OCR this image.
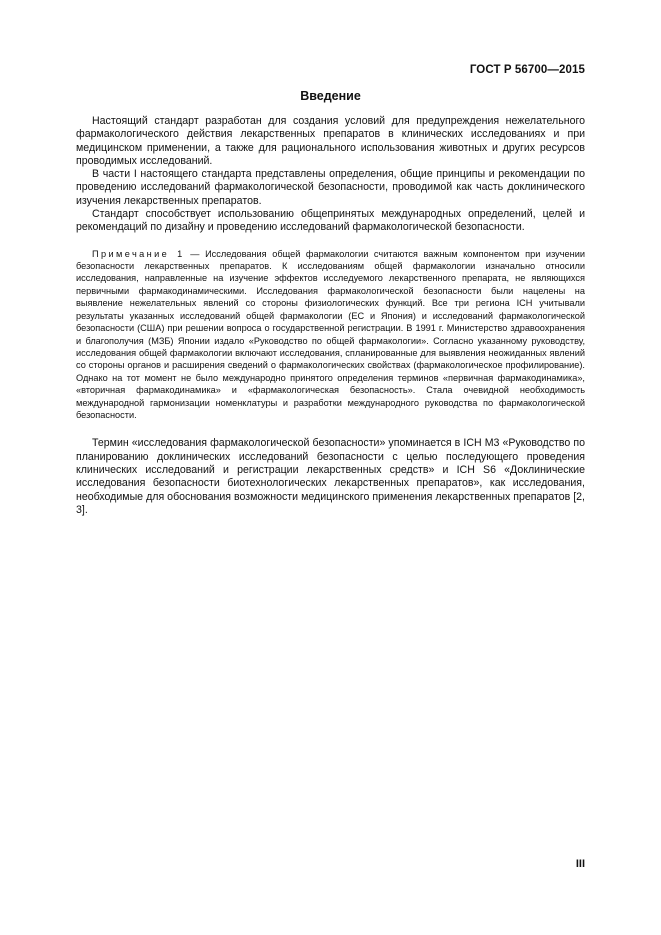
ГОСТ Р 56700—2015
Введение

Настоящий стандарт разработан для создания условий для предупреждения нежелательного фармакологического действия лекарственных препаратов в клинических исследованиях и при медицинском применении, а также для рационального использования животных и других ресурсов проводимых исследований.

В части I настоящего стандарта представлены определения, общие принципы и рекомендации по проведению исследований фармакологической безопасности, проводимой как часть доклинического изучения лекарственных препаратов.

Стандарт способствует использованию общепринятых международных определений, целей и рекомендаций по дизайну и проведению исследований фармакологической безопасности.

Примечание 1 — Исследования общей фармакологии считаются важным компонентом при изучении безопасности лекарственных препаратов. К исследованиям общей фармакологии изначально относили исследования, направленные на изучение эффектов исследуемого лекарственного препарата, не являющихся первичными фармакодинамическими. Исследования фармакологической безопасности были нацелены на выявление нежелательных явлений со стороны физиологических функций. Все три региона ICH учитывали результаты указанных исследований общей фармакологии (ЕС и Япония) и исследований фармакологической безопасности (США) при решении вопроса о государственной регистрации. В 1991 г. Министерство здравоохранения и благополучия (МЗБ) Японии издало «Руководство по общей фармакологии». Согласно указанному руководству, исследования общей фармакологии включают исследования, спланированные для выявления неожиданных явлений со стороны органов и расширения сведений о фармакологических свойствах (фармакологическое профилирование). Однако на тот момент не было международно принятого определения терминов «первичная фармакодинамика», «вторичная фармакодинамика» и «фармакологическая безопасность». Стала очевидной необходимость международной гармонизации номенклатуры и разработки международного руководства по фармакологической безопасности.

Термин «исследования фармакологической безопасности» упоминается в ICH M3 «Руководство по планированию доклинических исследований безопасности с целью последующего проведения клинических исследований и регистрации лекарственных средств» и ICH S6 «Доклинические исследования безопасности биотехнологических лекарственных препаратов», как исследования, необходимые для обоснования возможности медицинского применения лекарственных препаратов [2, 3].

III
